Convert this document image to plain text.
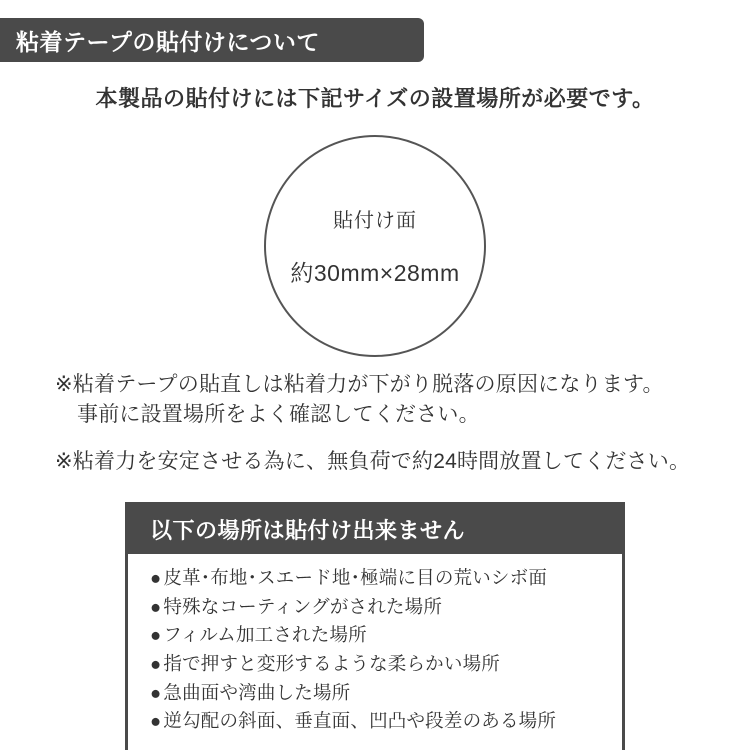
粘着テープの貼付けについて
本製品の貼付けには下記サイズの設置場所が必要です。
貼付け面
約30mm×28mm
※粘着テープの貼直しは粘着力が下がり脱落の原因になります。
事前に設置場所をよく確認してください。
※粘着力を安定させる為に、無負荷で約24時間放置してください。
以下の場所は貼付け出来ません
● 皮革･布地･スエード地･極端に目の荒いシボ面
● 特殊なコーティングがされた場所
● フィルム加工された場所
● 指で押すと変形するような柔らかい場所
● 急曲面や湾曲した場所
● 逆勾配の斜面、垂直面、凹凸や段差のある場所
